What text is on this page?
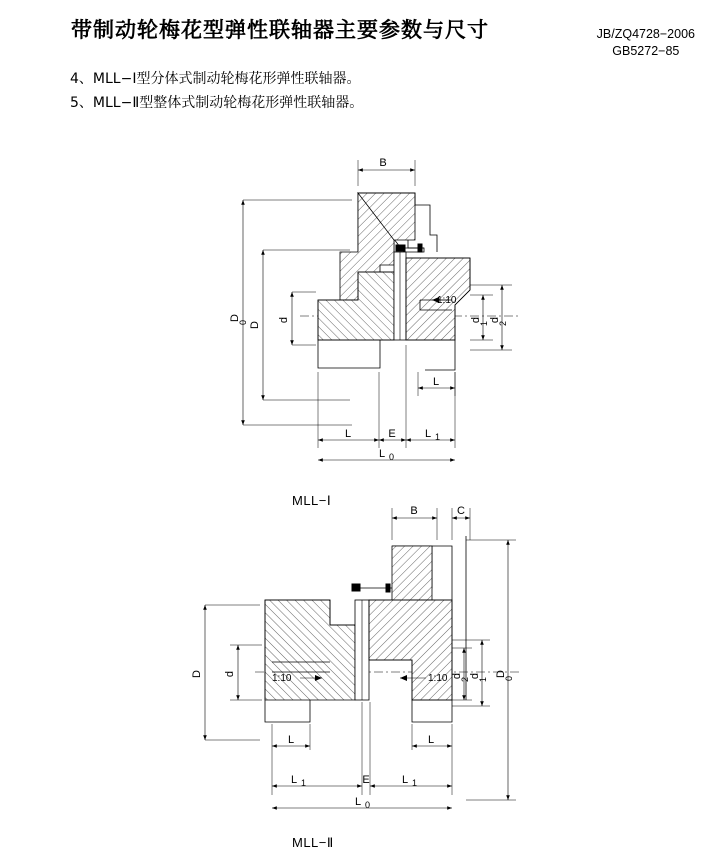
带制动轮梅花型弹性联轴器主要参数与尺寸	JB/ZQ4728−2006
GB5272−85
4、MLL−Ⅰ型分体式制动轮梅花形弹性联轴器。
5、MLL−Ⅱ型整体式制动轮梅花形弹性联轴器。
MLL−Ⅰ
MLL−Ⅱ
1:10
B
D
0 D
d	d
1
d
2
L
L	E	L 1
L 0
1:10	1:10
B	C
D d	d
2
d
1
D
0
L	L
L 1	E	L 1
L 0
